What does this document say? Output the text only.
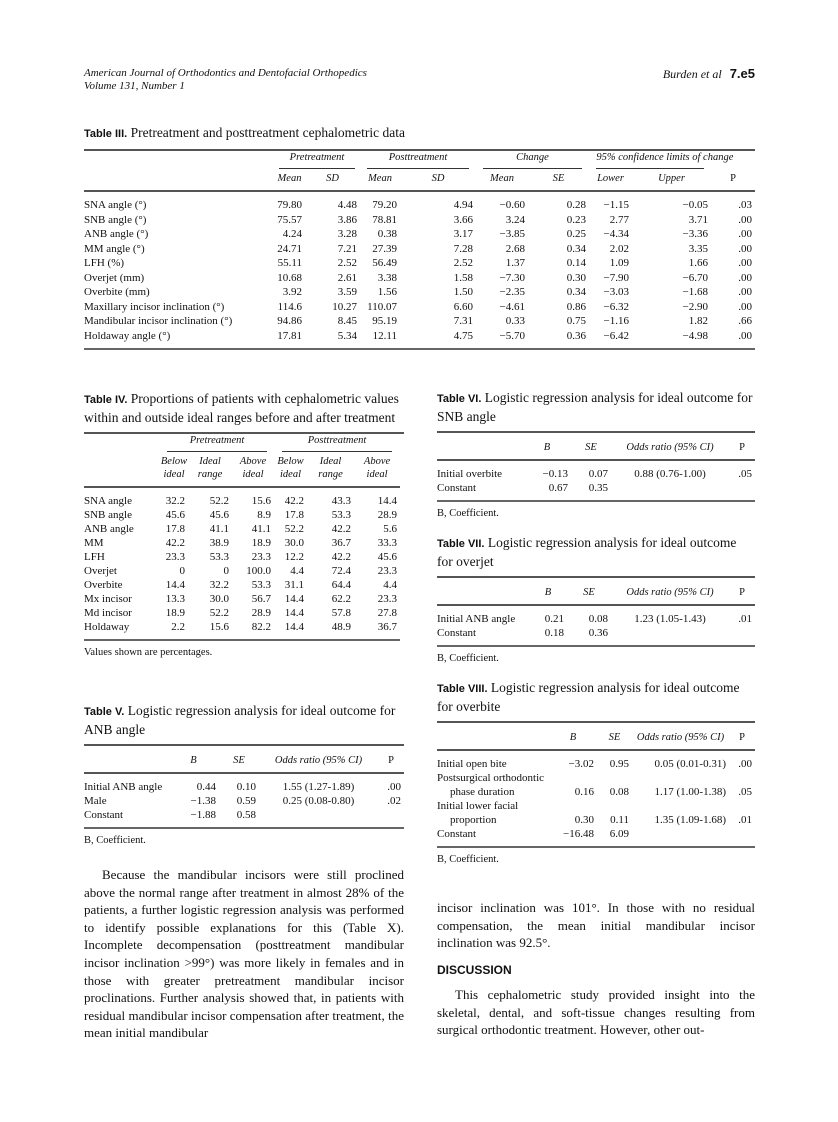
American Journal of Orthodontics and Dentofacial Orthopedics
Volume 131, Number 1
Burden et al 7.e5
Table III. Pretreatment and posttreatment cephalometric data
	Pretreatment		Posttreatment		Change		95% confidence limits of change		
	Mean	SD	Mean	SD	Mean	SE	Lower	Upper	P
SNA angle (°)	79.80	4.48	79.20	4.94	−0.60	0.28	−1.15	−0.05	.03
SNB angle (°)	75.57	3.86	78.81	3.66	3.24	0.23	2.77	3.71	.00
ANB angle (°)	4.24	3.28	0.38	3.17	−3.85	0.25	−4.34	−3.36	.00
MM angle (°)	24.71	7.21	27.39	7.28	2.68	0.34	2.02	3.35	.00
LFH (%)	55.11	2.52	56.49	2.52	1.37	0.14	1.09	1.66	.00
Overjet (mm)	10.68	2.61	3.38	1.58	−7.30	0.30	−7.90	−6.70	.00
Overbite (mm)	3.92	3.59	1.56	1.50	−2.35	0.34	−3.03	−1.68	.00
Maxillary incisor inclination (°)	114.6	10.27	110.07	6.60	−4.61	0.86	−6.32	−2.90	.00
Mandibular incisor inclination (°)	94.86	8.45	95.19	7.31	0.33	0.75	−1.16	1.82	.66
Holdaway angle (°)	17.81	5.34	12.11	4.75	−5.70	0.36	−6.42	−4.98	.00
Table IV. Proportions of patients with cephalometric values within and outside ideal ranges before and after treatment
	Pretreatment			Posttreatment		
	Below ideal	Ideal range	Above ideal	Below ideal	Ideal range	Above ideal
SNA angle	32.2	52.2	15.6	42.2	43.3	14.4
SNB angle	45.6	45.6	8.9	17.8	53.3	28.9
ANB angle	17.8	41.1	41.1	52.2	42.2	5.6
MM	42.2	38.9	18.9	30.0	36.7	33.3
LFH	23.3	53.3	23.3	12.2	42.2	45.6
Overjet	0	0	100.0	4.4	72.4	23.3
Overbite	14.4	32.2	53.3	31.1	64.4	4.4
Mx incisor	13.3	30.0	56.7	14.4	62.2	23.3
Md incisor	18.9	52.2	28.9	14.4	57.8	27.8
Holdaway	2.2	15.6	82.2	14.4	48.9	36.7
Values shown are percentages.
Table V. Logistic regression analysis for ideal outcome for ANB angle
	B	SE	Odds ratio (95% CI)	P
Initial ANB angle	0.44	0.10	1.55 (1.27-1.89)	.00
Male	−1.38	0.59	0.25 (0.08-0.80)	.02
Constant	−1.88	0.58		
B, Coefficient.
Table VI. Logistic regression analysis for ideal outcome for SNB angle
	B	SE	Odds ratio (95% CI)	P
Initial overbite	−0.13	0.07	0.88 (0.76-1.00)	.05
Constant	0.67	0.35		
B, Coefficient.
Table VII. Logistic regression analysis for ideal outcome for overjet
	B	SE	Odds ratio (95% CI)	P
Initial ANB angle	0.21	0.08	1.23 (1.05-1.43)	.01
Constant	0.18	0.36		
B, Coefficient.
Table VIII. Logistic regression analysis for ideal outcome for overbite
	B	SE	Odds ratio (95% CI)	P
Initial open bite	−3.02	0.95	0.05 (0.01-0.31)	.00
Postsurgical orthodontic				
phase duration	0.16	0.08	1.17 (1.00-1.38)	.05
Initial lower facial				
proportion	0.30	0.11	1.35 (1.09-1.68)	.01
Constant	−16.48	6.09		
B, Coefficient.
Because the mandibular incisors were still proclined above the normal range after treatment in almost 28% of the patients, a further logistic regression analysis was performed to identify possible explanations for this (Table X). Incomplete decompensation (posttreatment mandibular incisor inclination >99°) was more likely in females and in those with greater pretreatment mandibular incisor proclinations. Further analysis showed that, in patients with residual mandibular incisor compensation after treatment, the mean initial mandibular
incisor inclination was 101°. In those with no residual compensation, the mean initial mandibular incisor inclination was 92.5°.
DISCUSSION
This cephalometric study provided insight into the skeletal, dental, and soft-tissue changes resulting from surgical orthodontic treatment. However, other out-
